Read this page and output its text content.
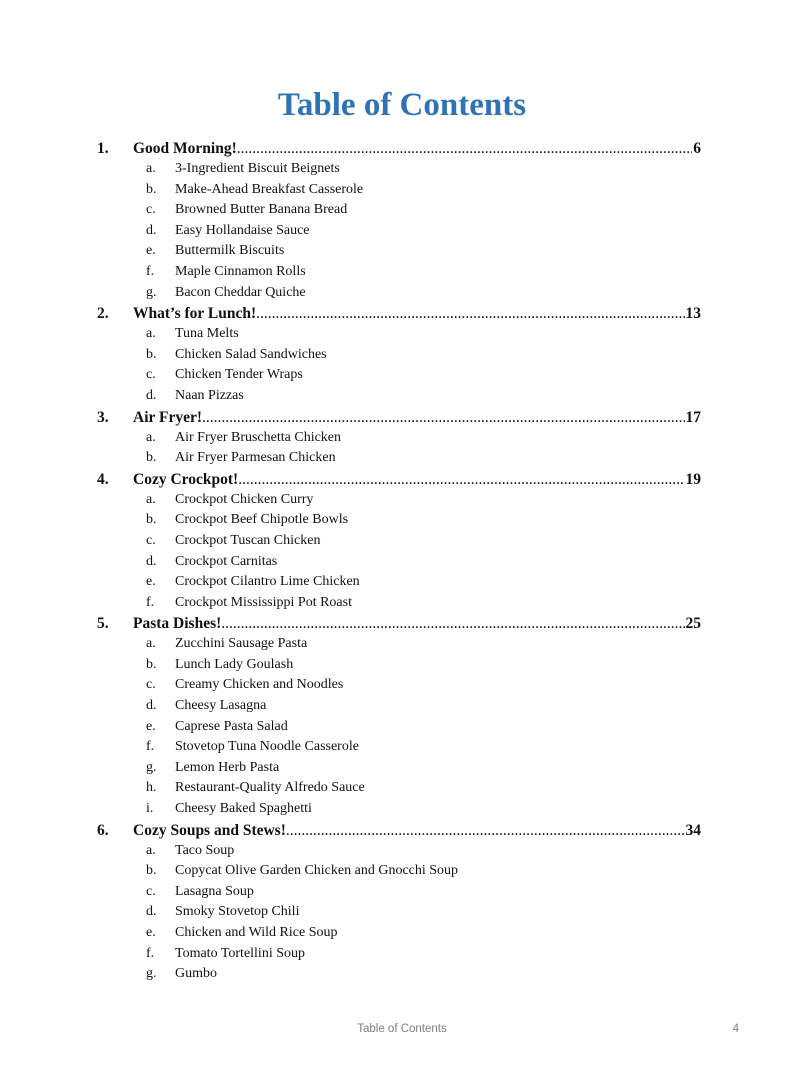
Table of Contents
1. Good Morning! .....	6
a. 3-Ingredient Biscuit Beignets
b. Make-Ahead Breakfast Casserole
c. Browned Butter Banana Bread
d. Easy Hollandaise Sauce
e. Buttermilk Biscuits
f. Maple Cinnamon Rolls
g. Bacon Cheddar Quiche
2. What’s for Lunch! .....	13
a. Tuna Melts
b. Chicken Salad Sandwiches
c. Chicken Tender Wraps
d. Naan Pizzas
3. Air Fryer! .....	17
a. Air Fryer Bruschetta Chicken
b. Air Fryer Parmesan Chicken
4. Cozy Crockpot! .....	19
a. Crockpot Chicken Curry
b. Crockpot Beef Chipotle Bowls
c. Crockpot Tuscan Chicken
d. Crockpot Carnitas
e. Crockpot Cilantro Lime Chicken
f. Crockpot Mississippi Pot Roast
5. Pasta Dishes! .....	25
a. Zucchini Sausage Pasta
b. Lunch Lady Goulash
c. Creamy Chicken and Noodles
d. Cheesy Lasagna
e. Caprese Pasta Salad
f. Stovetop Tuna Noodle Casserole
g. Lemon Herb Pasta
h. Restaurant-Quality Alfredo Sauce
i. Cheesy Baked Spaghetti
6. Cozy Soups and Stews! .....	34
a. Taco Soup
b. Copycat Olive Garden Chicken and Gnocchi Soup
c. Lasagna Soup
d. Smoky Stovetop Chili
e. Chicken and Wild Rice Soup
f. Tomato Tortellini Soup
g. Gumbo
Table of Contents	4
